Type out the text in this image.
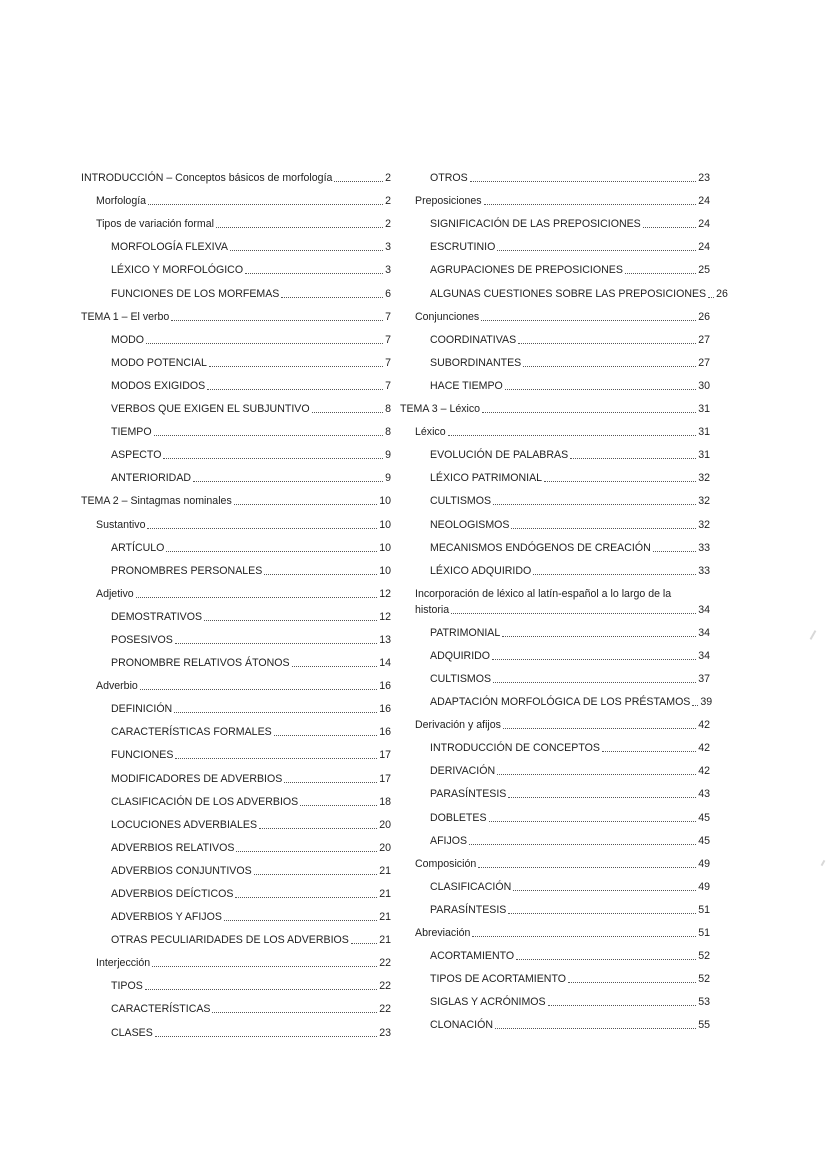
INTRODUCCIÓN – Conceptos básicos de morfología	2
Morfología	2
Tipos de variación formal	2
MORFOLOGÍA FLEXIVA	3
LÉXICO Y MORFOLÓGICO	3
FUNCIONES DE LOS MORFEMAS	6
TEMA 1 – El verbo	7
MODO	7
MODO POTENCIAL	7
MODOS EXIGIDOS	7
VERBOS QUE EXIGEN EL SUBJUNTIVO	8
TIEMPO	8
ASPECTO	9
ANTERIORIDAD	9
TEMA 2 – Sintagmas nominales	10
Sustantivo	10
ARTÍCULO	10
PRONOMBRES PERSONALES	10
Adjetivo	12
DEMOSTRATIVOS	12
POSESIVOS	13
PRONOMBRE RELATIVOS ÁTONOS	14
Adverbio	16
DEFINICIÓN	16
CARACTERÍSTICAS FORMALES	16
FUNCIONES	17
MODIFICADORES DE ADVERBIOS	17
CLASIFICACIÓN DE LOS ADVERBIOS	18
LOCUCIONES ADVERBIALES	20
ADVERBIOS RELATIVOS	20
ADVERBIOS CONJUNTIVOS	21
ADVERBIOS DEÍCTICOS	21
ADVERBIOS Y AFIJOS	21
OTRAS PECULIARIDADES DE LOS ADVERBIOS	21
Interjección	22
TIPOS	22
CARACTERÍSTICAS	22
CLASES	23
OTROS	23
Preposiciones	24
SIGNIFICACIÓN DE LAS PREPOSICIONES	24
ESCRUTINIO	24
AGRUPACIONES DE PREPOSICIONES	25
ALGUNAS CUESTIONES SOBRE LAS PREPOSICIONES 26
Conjunciones	26
COORDINATIVAS	27
SUBORDINANTES	27
HACE TIEMPO	30
TEMA 3 – Léxico	31
Léxico	31
EVOLUCIÓN DE PALABRAS	31
LÉXICO PATRIMONIAL	32
CULTISMOS	32
NEOLOGISMOS	32
MECANISMOS ENDÓGENOS DE CREACIÓN	33
LÉXICO ADQUIRIDO	33
Incorporación de léxico al latín-español a lo largo de la
historia	34
PATRIMONIAL	34
ADQUIRIDO	34
CULTISMOS	37
ADAPTACIÓN MORFOLÓGICA DE LOS PRÉSTAMOS 39
Derivación y afijos	42
INTRODUCCIÓN DE CONCEPTOS	42
DERIVACIÓN	42
PARASÍNTESIS	43
DOBLETES	45
AFIJOS	45
Composición	49
CLASIFICACIÓN	49
PARASÍNTESIS	51
Abreviación	51
ACORTAMIENTO	52
TIPOS DE ACORTAMIENTO	52
SIGLAS Y ACRÓNIMOS	53
CLONACIÓN	55
